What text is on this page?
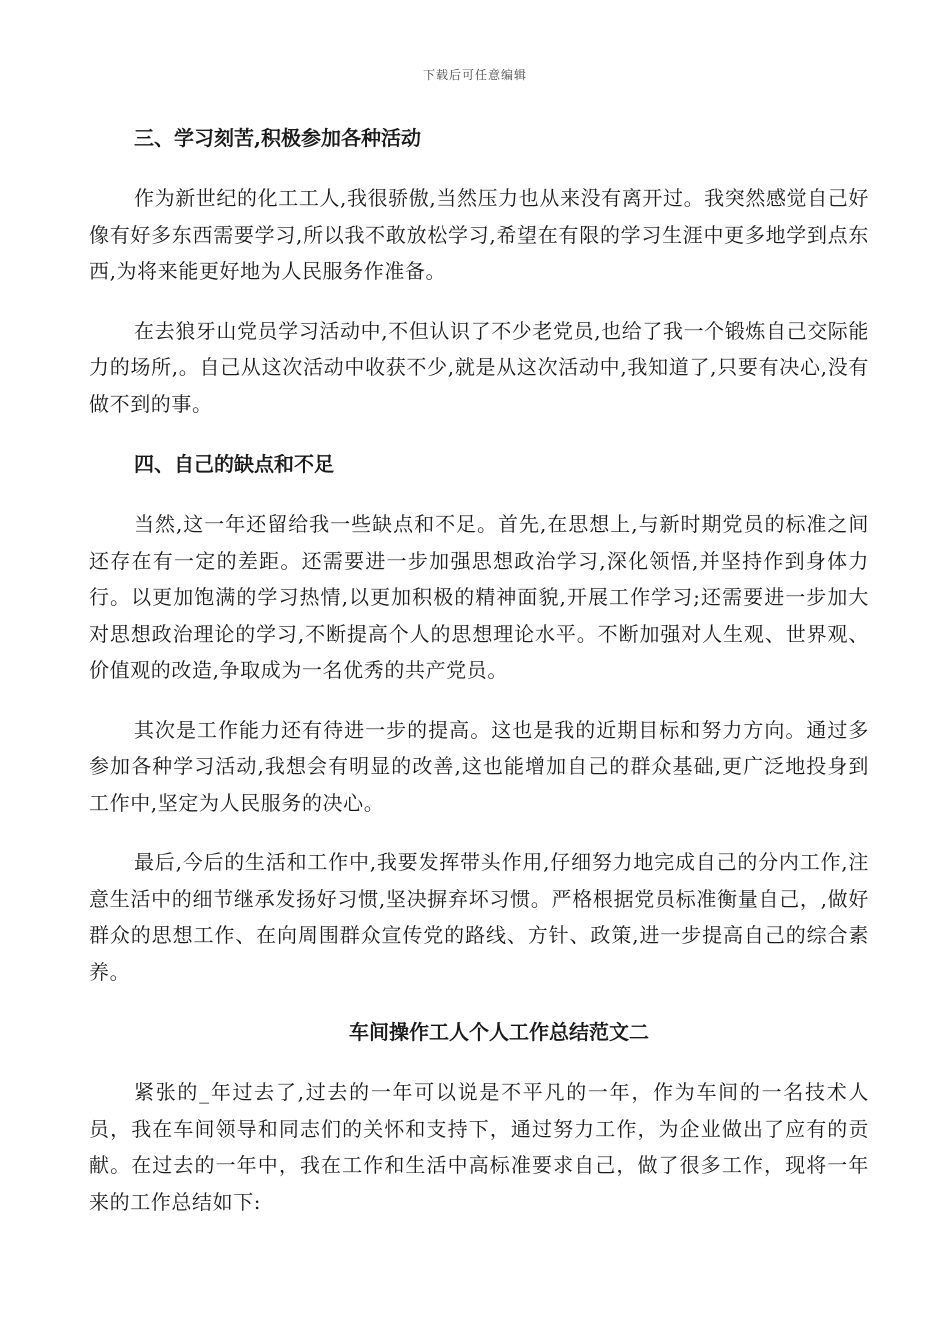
下载后可任意编辑
三、学习刻苦,积极参加各种活动

作为新世纪的化工工人,我很骄傲,当然压力也从来没有离开过。我突然感觉自己好像有好多东西需要学习,所以我不敢放松学习,希望在有限的学习生涯中更多地学到点东西,为将来能更好地为人民服务作准备。

在去狼牙山党员学习活动中,不但认识了不少老党员,也给了我一个锻炼自己交际能力的场所,。自己从这次活动中收获不少,就是从这次活动中,我知道了,只要有决心,没有做不到的事。

四、自己的缺点和不足

当然,这一年还留给我一些缺点和不足。首先,在思想上,与新时期党员的标准之间还存在有一定的差距。还需要进一步加强思想政治学习,深化领悟,并坚持作到身体力行。以更加饱满的学习热情,以更加积极的精神面貌,开展工作学习;还需要进一步加大对思想政治理论的学习,不断提高个人的思想理论水平。不断加强对人生观、世界观、价值观的改造,争取成为一名优秀的共产党员。

其次是工作能力还有待进一步的提高。这也是我的近期目标和努力方向。通过多参加各种学习活动,我想会有明显的改善,这也能增加自己的群众基础,更广泛地投身到工作中,坚定为人民服务的决心。

最后,今后的生活和工作中,我要发挥带头作用,仔细努力地完成自己的分内工作,注意生活中的细节继承发扬好习惯,坚决摒弃坏习惯。严格根据党员标准衡量自己，,做好群众的思想工作、在向周围群众宣传党的路线、方针、政策,进一步提高自己的综合素养。

车间操作工人个人工作总结范文二

紧张的_年过去了,过去的一年可以说是不平凡的一年，作为车间的一名技术人员，我在车间领导和同志们的关怀和支持下，通过努力工作，为企业做出了应有的贡献。在过去的一年中，我在工作和生活中高标准要求自己，做了很多工作，现将一年来的工作总结如下:
